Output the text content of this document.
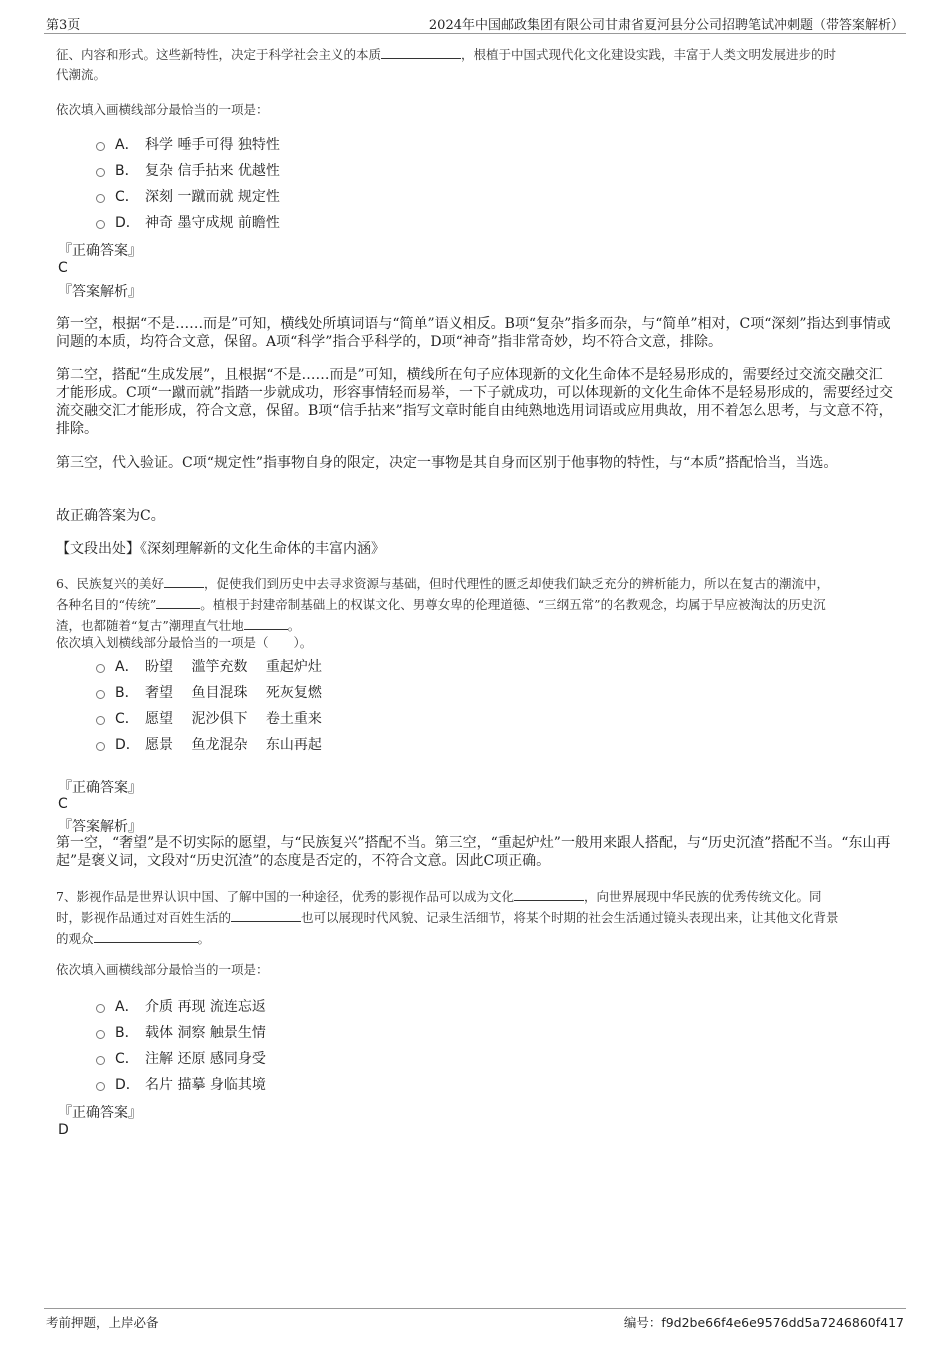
第3页	2024年中国邮政集团有限公司甘肃省夏河县分公司招聘笔试冲刺题（带答案解析）
征、内容和形式。这些新特性，决定于科学社会主义的本质	，根植于中国式现代化文化建设实践，丰富于人类文明发展进步的时
代潮流。
依次填入画横线部分最恰当的一项是：
A． 科学 唾手可得 独特性
B． 复杂 信手拈来 优越性
C． 深刻 一蹴而就 规定性
D． 神奇 墨守成规 前瞻性
『正确答案』
C
『答案解析』
第一空，根据“不是……而是”可知，横线处所填词语与“简单”语义相反。B项“复杂”指多而杂，与“简单”相对，C项“深刻”指达到事情或问题的本质，均符合文意，保留。A项“科学”指合乎科学的，D项“神奇”指非常奇妙，均不符合文意，排除。
第二空，搭配“生成发展”，且根据“不是……而是”可知，横线所在句子应体现新的文化生命体不是轻易形成的，需要经过交流交融交汇才能形成。C项“一蹴而就”指踏一步就成功，形容事情轻而易举，一下子就成功，可以体现新的文化生命体不是轻易形成的，需要经过交流交融交汇才能形成，符合文意，保留。B项“信手拈来”指写文章时能自由纯熟地选用词语或应用典故，用不着怎么思考，与文意不符，排除。
第三空，代入验证。C项“规定性”指事物自身的限定，决定一事物是其自身而区别于他事物的特性，与“本质”搭配恰当，当选。
故正确答案为C。
【文段出处】《深刻理解新的文化生命体的丰富内涵》
6、民族复兴的美好	，促使我们到历史中去寻求资源与基础，但时代理性的匮乏却使我们缺乏充分的辨析能力，所以在复古的潮流中，
各种名目的“传统”	。植根于封建帝制基础上的权谋文化、男尊女卑的伦理道德、“三纲五常”的名教观念，均属于早应被淘汰的历史沉
渣，也都随着“复古”潮理直气壮地	。
依次填入划横线部分最恰当的一项是（　　）。
A． 盼望　 滥竽充数　 重起炉灶
B． 奢望　 鱼目混珠　 死灰复燃
C． 愿望　 泥沙俱下　 卷土重来
D． 愿景　 鱼龙混杂　 东山再起
『正确答案』
C
『答案解析』
第一空，“奢望”是不切实际的愿望，与“民族复兴”搭配不当。第三空，“重起炉灶”一般用来跟人搭配，与“历史沉渣”搭配不当。“东山再起”是褒义词，文段对“历史沉渣”的态度是否定的，不符合文意。因此C项正确。
7、影视作品是世界认识中国、了解中国的一种途径，优秀的影视作品可以成为文化	，向世界展现中华民族的优秀传统文化。同
时，影视作品通过对百姓生活的	也可以展现时代风貌、记录生活细节，将某个时期的社会生活通过镜头表现出来，让其他文化背景
的观众	。
依次填入画横线部分最恰当的一项是：
A． 介质 再现 流连忘返
B． 载体 洞察 触景生情
C． 注解 还原 感同身受
D． 名片 描摹 身临其境
『正确答案』
D
考前押题，上岸必备	编号：f9d2be66f4e6e9576dd5a7246860f417
